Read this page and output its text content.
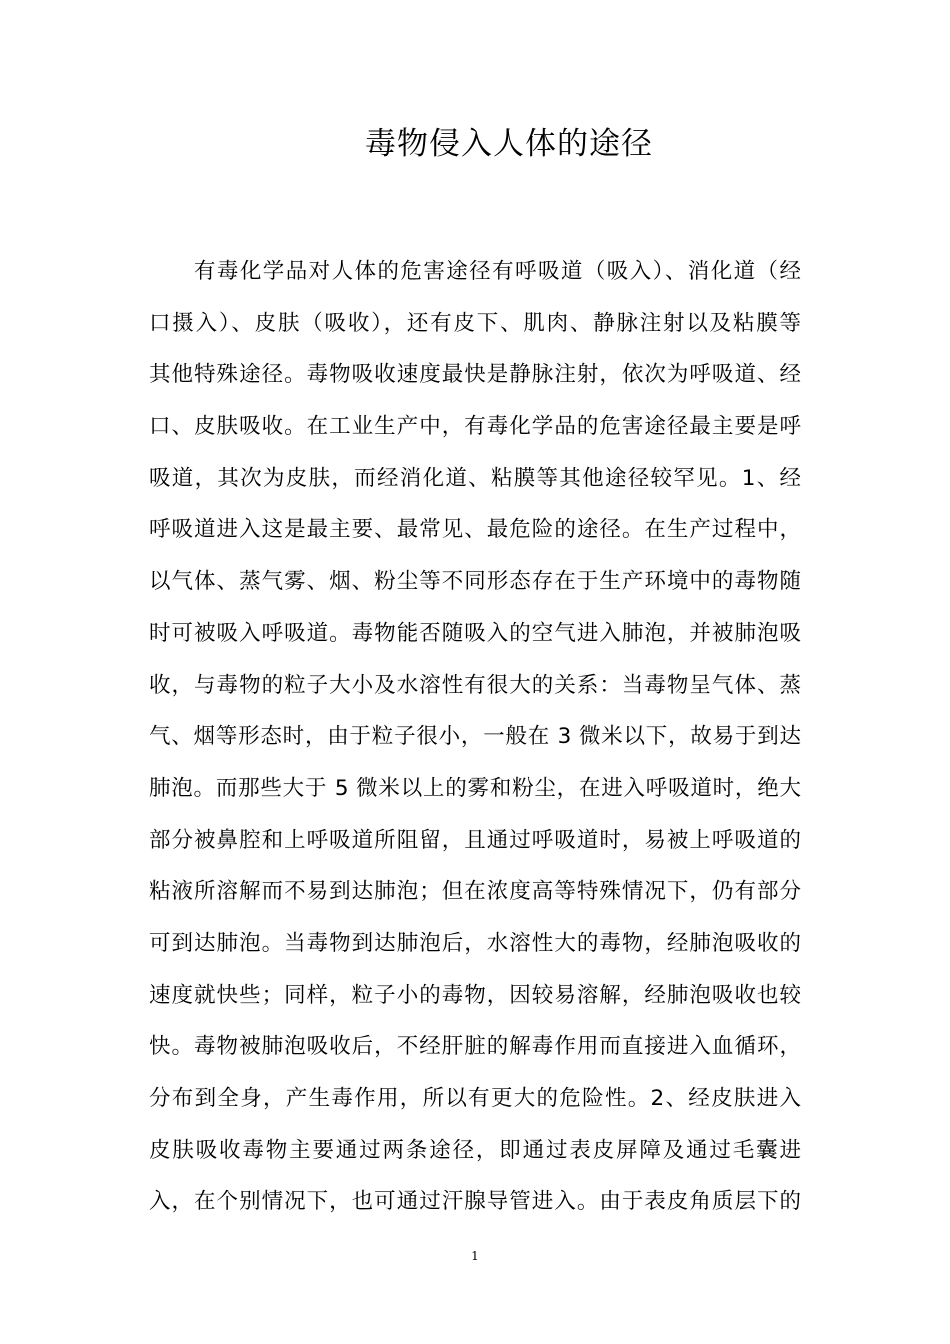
毒物侵入人体的途径
有毒化学品对人体的危害途径有呼吸道（吸入）、消化道（经
口摄入）、皮肤（吸收），还有皮下、肌肉、静脉注射以及粘膜等
其他特殊途径。毒物吸收速度最快是静脉注射，依次为呼吸道、经
口、皮肤吸收。在工业生产中，有毒化学品的危害途径最主要是呼
吸道，其次为皮肤，而经消化道、粘膜等其他途径较罕见。1、经
呼吸道进入这是最主要、最常见、最危险的途径。在生产过程中，
以气体、蒸气雾、烟、粉尘等不同形态存在于生产环境中的毒物随
时可被吸入呼吸道。毒物能否随吸入的空气进入肺泡，并被肺泡吸
收，与毒物的粒子大小及水溶性有很大的关系：当毒物呈气体、蒸
气、烟等形态时，由于粒子很小，一般在 3 微米以下，故易于到达
肺泡。而那些大于 5 微米以上的雾和粉尘，在进入呼吸道时，绝大
部分被鼻腔和上呼吸道所阻留，且通过呼吸道时，易被上呼吸道的
粘液所溶解而不易到达肺泡；但在浓度高等特殊情况下，仍有部分
可到达肺泡。当毒物到达肺泡后，水溶性大的毒物，经肺泡吸收的
速度就快些；同样，粒子小的毒物，因较易溶解，经肺泡吸收也较
快。毒物被肺泡吸收后，不经肝脏的解毒作用而直接进入血循环，
分布到全身，产生毒作用，所以有更大的危险性。2、经皮肤进入
皮肤吸收毒物主要通过两条途径，即通过表皮屏障及通过毛囊进
入，在个别情况下，也可通过汗腺导管进入。由于表皮角质层下的
1
